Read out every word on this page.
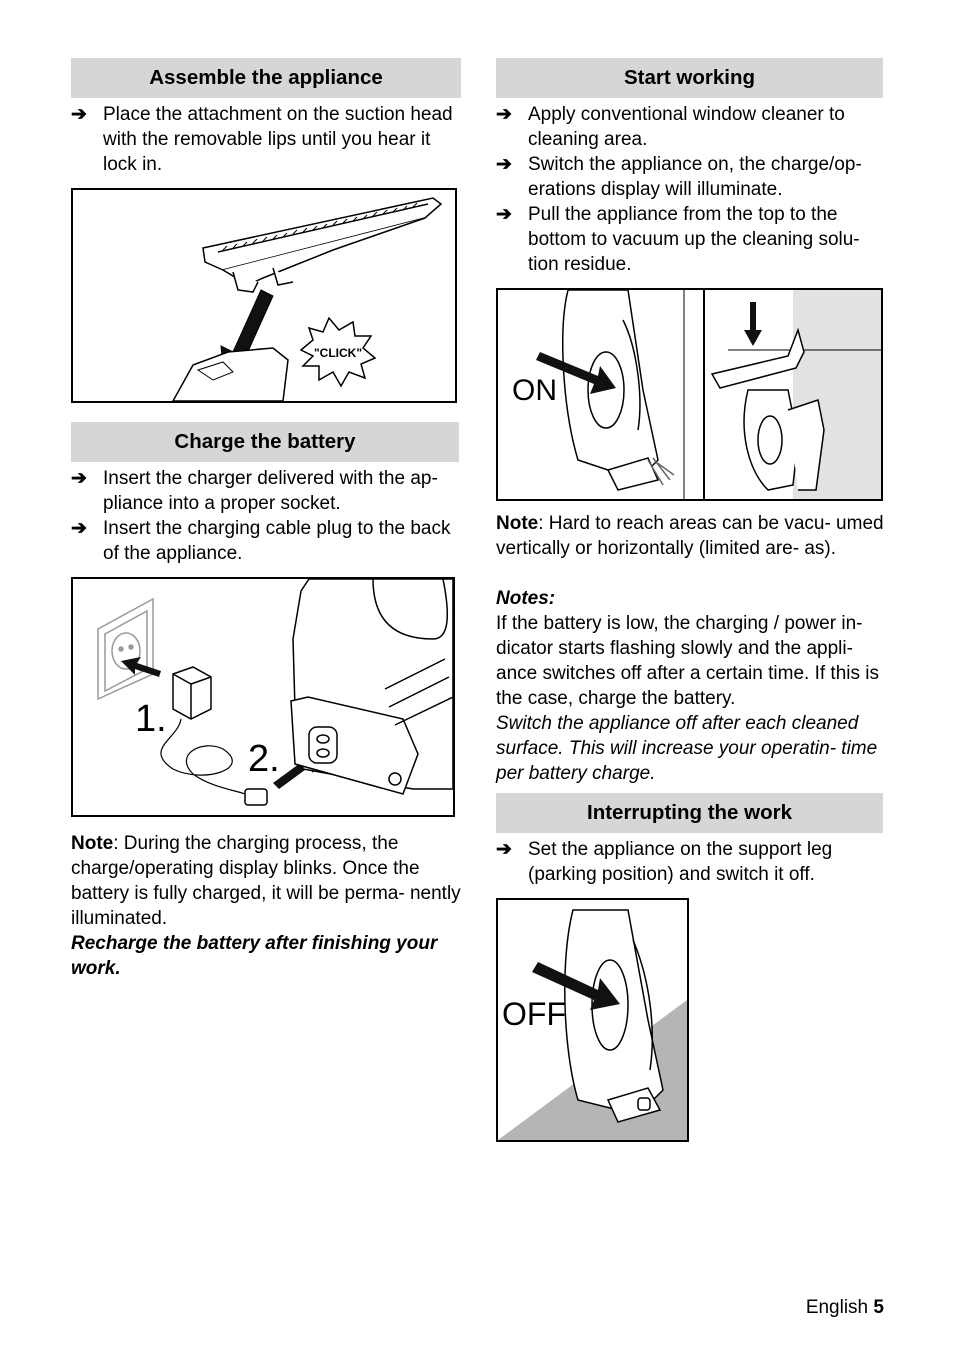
Assemble the appliance
➔ Place the attachment on the suction head with the removable lips until you hear it lock in.
"CLICK"
Charge the battery
➔ Insert the charger delivered with the ap- pliance into a proper socket.
➔ Insert the charging cable plug to the back of the appliance.
1.
2.

Note: During the charging process, the charge/operating display blinks. Once the battery is fully charged, it will be perma- nently illuminated.

Recharge the battery after finishing your work.

Start working
➔ Apply conventional window cleaner to cleaning area.
➔ Switch the appliance on, the charge/op- erations display will illuminate.
➔ Pull the appliance from the top to the bottom to vacuum up the cleaning solu- tion residue.
ON

Note: Hard to reach areas can be vacu- umed vertically or horizontally (limited are- as).

Notes:

If the battery is low, the charging / power in- dicator starts flashing slowly and the appli- ance switches off after a certain time. If this is the case, charge the battery.

Switch the appliance off after each cleaned surface. This will increase your operatin- time per battery charge.

Interrupting the work
➔ Set the appliance on the support leg (parking position) and switch it off.
OFF
English 5
